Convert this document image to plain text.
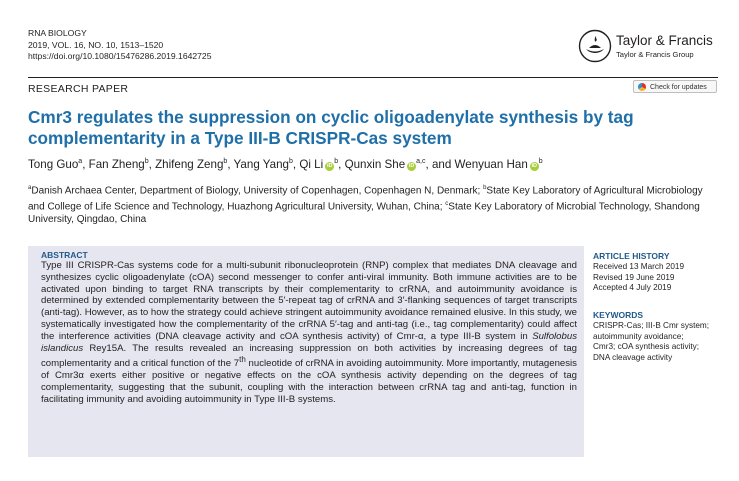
RNA BIOLOGY
2019, VOL. 16, NO. 10, 1513–1520
https://doi.org/10.1080/15476286.2019.1642725
Taylor & Francis
Taylor & Francis Group
RESEARCH PAPER	Check for updates
Cmr3 regulates the suppression on cyclic oligoadenylate synthesis by tag complementarity in a Type III-B CRISPR-Cas system
Tong Guo$^a$, Fan Zheng$^b$, Zhifeng Zeng$^b$, Yang Yang$^b$, Qi Li $iD^b$, Qunxin She iD$^{a,c}$, and Wenyuan Han $iD^b$
$^a$Danish Archaea Center, Department of Biology, University of Copenhagen, Copenhagen N, Denmark; $^b$State Key Laboratory of Agricultural Microbiology and College of Life Science and Technology, Huazhong Agricultural University, Wuhan, China; $^c$State Key Laboratory of Microbial Technology, Shandong University, Qingdao, China
ABSTRACT

Type III CRISPR-Cas systems code for a multi-subunit ribonucleoprotein (RNP) complex that mediates DNA cleavage and synthesizes cyclic oligoadenylate (cOA) second messenger to confer anti-viral immunity. Both immune activities are to be activated upon binding to target RNA transcripts by their complementarity to crRNA, and autoimmunity avoidance is determined by extended complementarity between the 5′-repeat tag of crRNA and 3′-flanking sequences of target transcripts (anti-tag). However, as to how the strategy could achieve stringent autoimmunity avoidance remained elusive. In this study, we systematically investigated how the complementarity of the crRNA 5′-tag and anti-tag (i.e., tag complementarity) could affect the interference activities (DNA cleavage activity and cOA synthesis activity) of Cmr-α, a type III-B system in Sulfolobus islandicus Rey15A. The results revealed an increasing suppression on both activities by increasing degrees of tag complementarity and a critical function of the 7th nucleotide of crRNA in avoiding autoimmunity. More importantly, mutagenesis of Cmr3α exerts either positive or negative effects on the cOA synthesis activity depending on the degrees of tag complementarity, suggesting that the subunit, coupling with the interaction between crRNA tag and anti-tag, function in facilitating immunity and avoiding autoimmunity in Type III-B systems.

ARTICLE HISTORY
Received 13 March 2019
Revised 19 June 2019
Accepted 4 July 2019
KEYWORDS
CRISPR-Cas; III-B Cmr system;
autoimmunity avoidance;
Cmr3; cOA synthesis activity;
DNA cleavage activity
